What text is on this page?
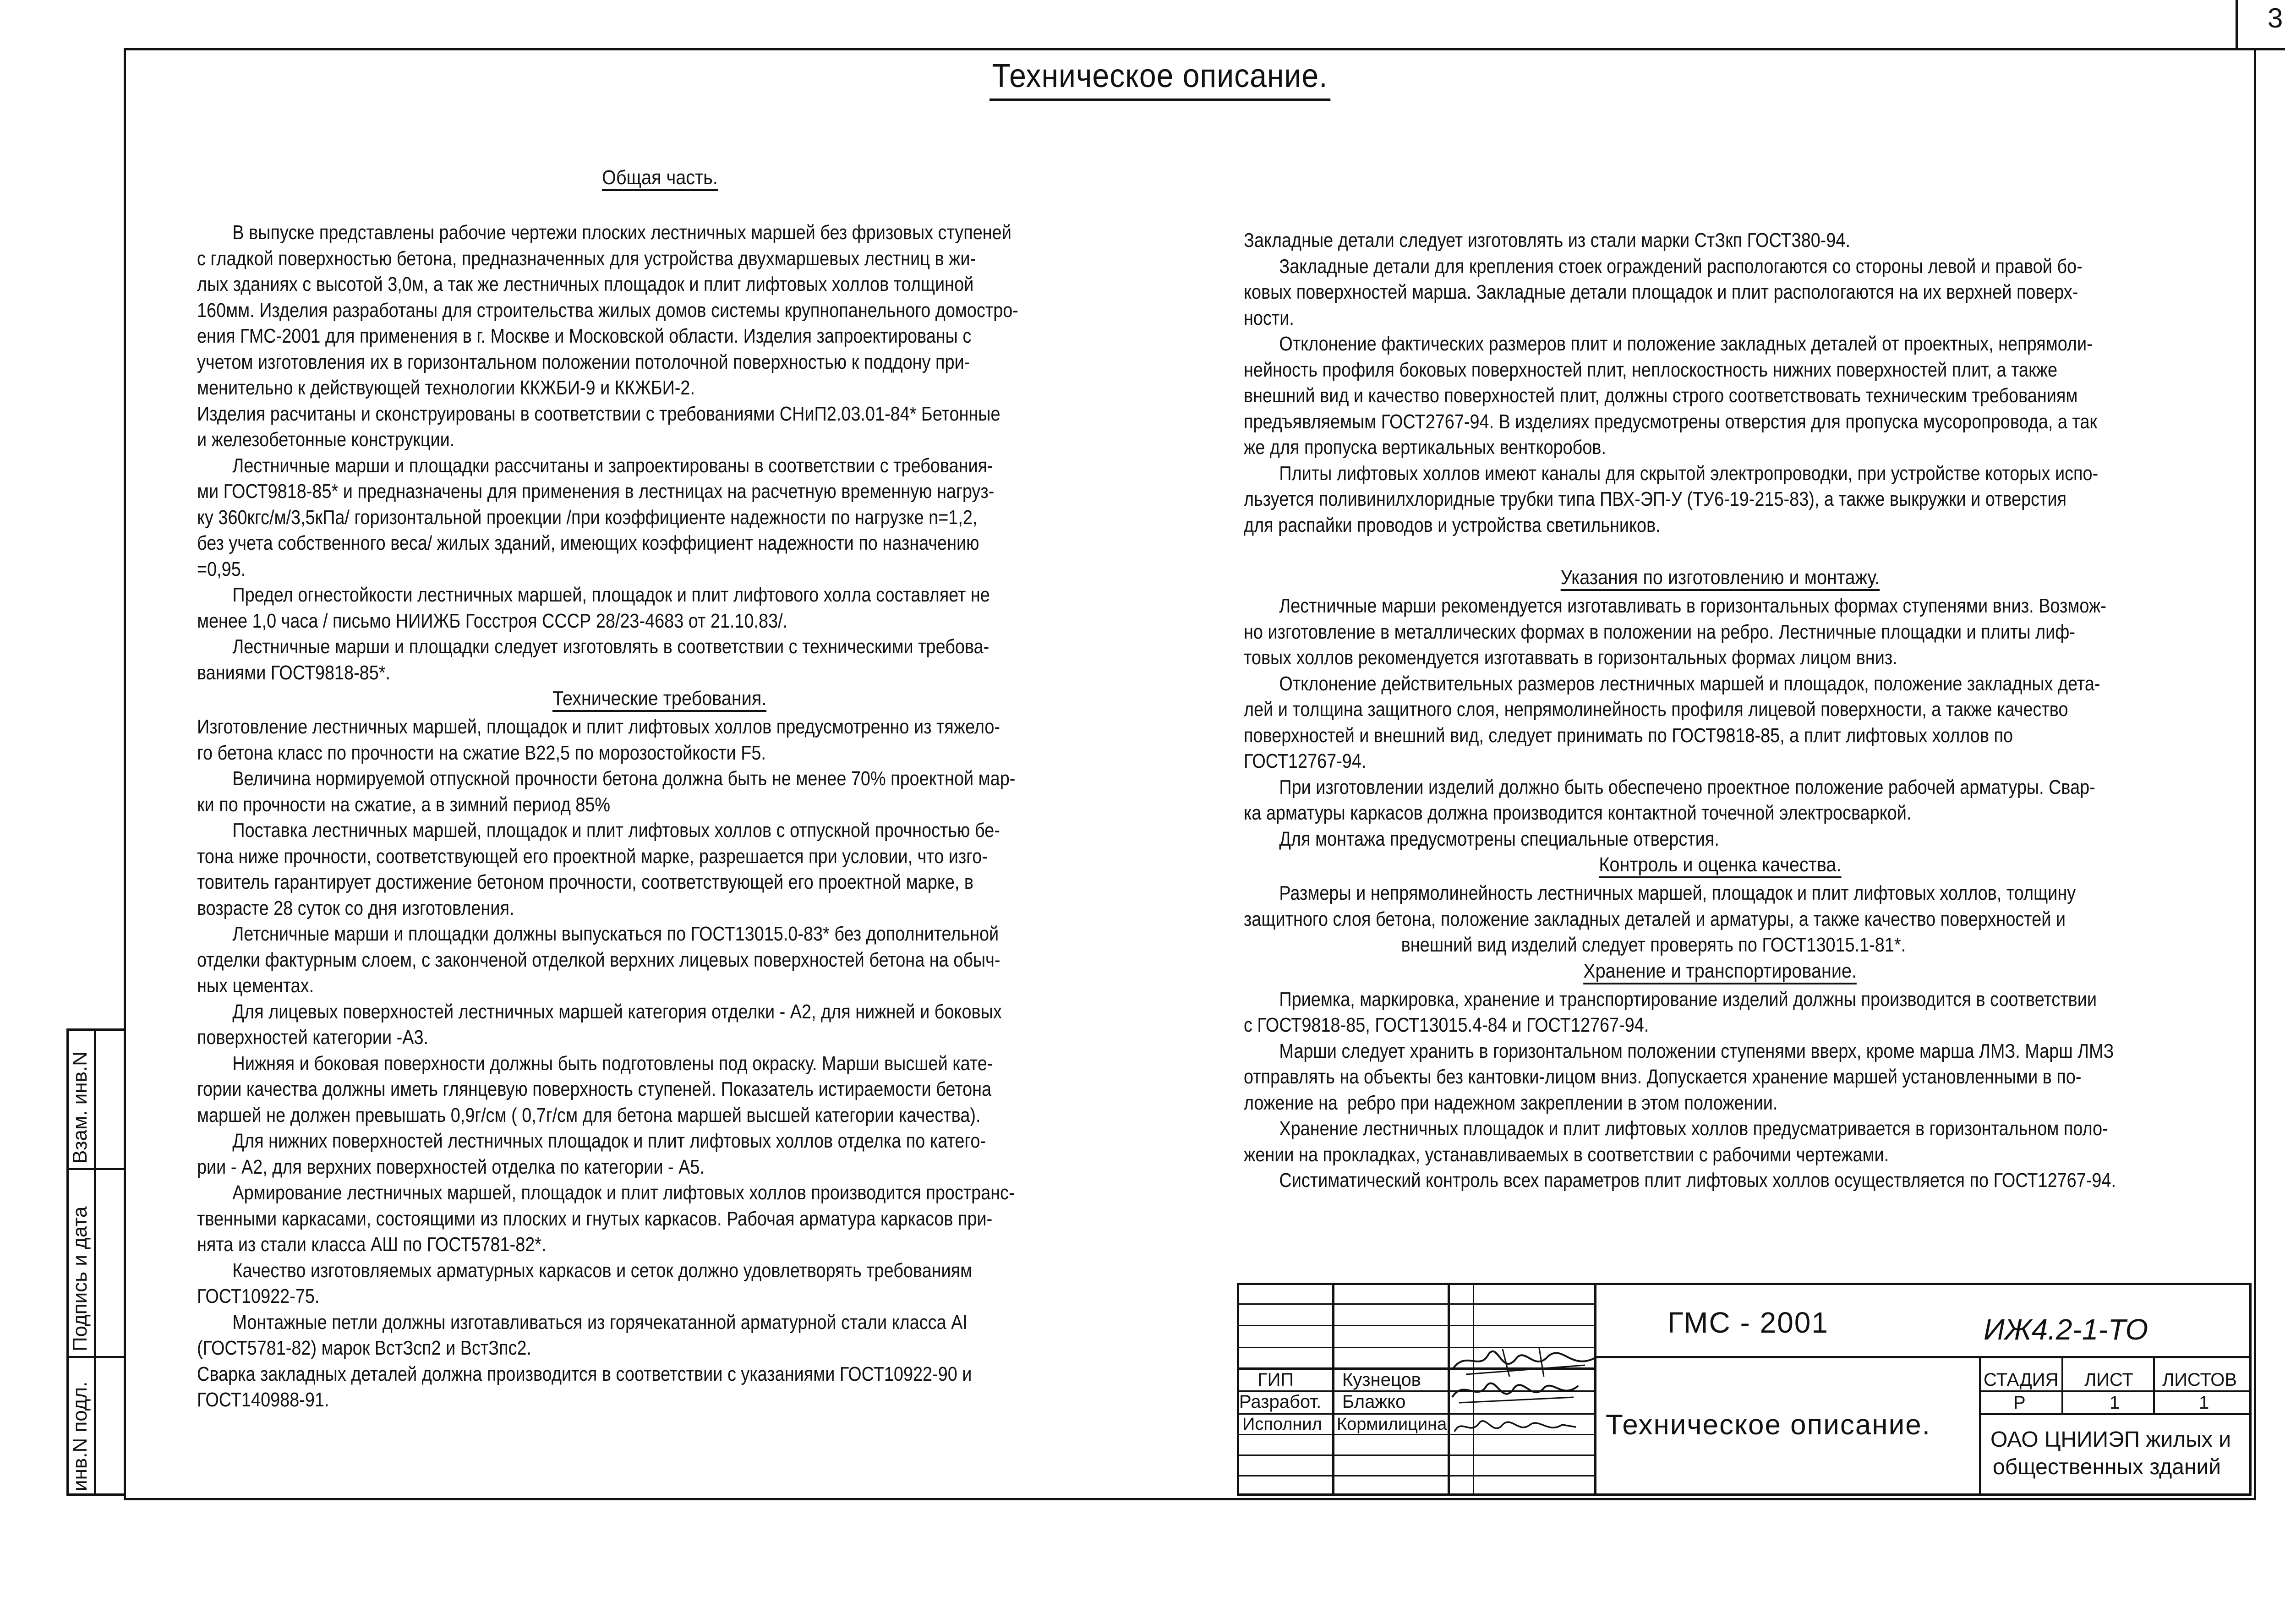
3
Техническое описание.
Общая часть.

В выпуске представлены рабочие чертежи плоских лестничных маршей без фризовых ступеней

с гладкой поверхностью бетона, предназначенных для устройства двухмаршевых лестниц в жи-

лых зданиях с высотой 3,0м, а так же лестничных площадок и плит лифтовых холлов толщиной

160мм. Изделия разработаны для строительства жилых домов системы крупнопанельного домостро-

ения ГМС-2001 для применения в г. Москве и Московской области. Изделия запроектированы с

учетом изготовления их в горизонтальном положении потолочной поверхностью к поддону при-

менительно к действующей технологии ККЖБИ-9 и ККЖБИ-2.

Изделия расчитаны и сконструированы в соответствии с требованиями СНиП2.03.01-84* Бетонные

и железобетонные конструкции.

Лестничные марши и площадки рассчитаны и запроектированы в соответствии с требования-

ми ГОСТ9818-85* и предназначены для применения в лестницах на расчетную временную нагруз-

ку 360кгс/м/3,5кПа/ горизонтальной проекции /при коэффициенте надежности по нагрузке n=1,2,

без учета собственного веса/ жилых зданий, имеющих коэффициент надежности по назначению

=0,95.

Предел огнестойкости лестничных маршей, площадок и плит лифтового холла составляет не

менее 1,0 часа / письмо НИИЖБ Госстроя СССР 28/23-4683 от 21.10.83/.

Лестничные марши и площадки следует изготовлять в соответствии с техническими требова-

ваниями ГОСТ9818-85*.

Технические требования.

Изготовление лестничных маршей, площадок и плит лифтовых холлов предусмотренно из тяжело-

го бетона класс по прочности на сжатие В22,5 по морозостойкости F5.

Величина нормируемой отпускной прочности бетона должна быть не менее 70% проектной мар-

ки по прочности на сжатие, а в зимний период 85%

Поставка лестничных маршей, площадок и плит лифтовых холлов с отпускной прочностью бе-

тона ниже прочности, соответствующей его проектной марке, разрешается при условии, что изго-

товитель гарантирует достижение бетоном прочности, соответствующей его проектной марке, в

возрасте 28 суток со дня изготовления.

Летсничные марши и площадки должны выпускаться по ГОСТ13015.0-83* без дополнительной

отделки фактурным слоем, с законченой отделкой верхних лицевых поверхностей бетона на обыч-

ных цементах.

Для лицевых поверхностей лестничных маршей категория отделки - А2, для нижней и боковых

поверхностей категории -А3.

Нижняя и боковая поверхности должны быть подготовлены под окраску. Марши высшей кате-

гории качества должны иметь глянцевую поверхность ступеней. Показатель истираемости бетона

маршей не должен превышать 0,9г/см ( 0,7г/см для бетона маршей высшей категории качества).

Для нижних поверхностей лестничных площадок и плит лифтовых холлов отделка по катего-

рии - А2, для верхних поверхностей отделка по категории - А5.

Армирование лестничных маршей, площадок и плит лифтовых холлов производится пространс-

твенными каркасами, состоящими из плоских и гнутых каркасов. Рабочая арматура каркасов при-

нята из стали класса АШ по ГОСТ5781-82*.

Качество изготовляемых арматурных каркасов и сеток должно удовлетворять требованиям

ГОСТ10922-75.

Монтажные петли должны изготавливаться из горячекатанной арматурной стали класса AI

(ГОСТ5781-82) марок ВстЗсп2 и ВстЗпс2.

Сварка закладных деталей должна производится в соответствии с указаниями ГОСТ10922-90 и

ГОСТ140988-91.

Закладные детали следует изготовлять из стали марки СтЗкп ГОСТ380-94.

Закладные детали для крепления стоек ограждений распологаются со стороны левой и правой бо-

ковых поверхностей марша. Закладные детали площадок и плит распологаются на их верхней поверх-

ности.

Отклонение фактических размеров плит и положение закладных деталей от проектных, непрямоли-

нейность профиля боковых поверхностей плит, неплоскостность нижних поверхностей плит, а также

внешний вид и качество поверхностей плит, должны строго соответствовать техническим требованиям

предъявляемым ГОСТ2767-94. В изделиях предусмотрены отверстия для пропуска мусоропровода, а так

же для пропуска вертикальных венткоробов.

Плиты лифтовых холлов имеют каналы для скрытой электропроводки, при устройстве которых испо-

льзуется поливинилхлоридные трубки типа ПВХ-ЭП-У (ТУ6-19-215-83), а также выкружки и отверстия

для распайки проводов и устройства светильников.

Указания по изготовлению и монтажу.

Лестничные марши рекомендуется изготавливать в горизонтальных формах ступенями вниз. Возмож-

но изготовление в металлических формах в положении на ребро. Лестничные площадки и плиты лиф-

товых холлов рекомендуется изготаввать в горизонтальных формах лицом вниз.

Отклонение действительных размеров лестничных маршей и площадок, положение закладных дета-

лей и толщина защитного слоя, непрямолинейность профиля лицевой поверхности, а также качество

поверхностей и внешний вид, следует принимать по ГОСТ9818-85, а плит лифтовых холлов по

ГОСТ12767-94.

При изготовлении изделий должно быть обеспечено проектное положение рабочей арматуры. Свар-

ка арматуры каркасов должна производится контактной точечной электросваркой.

Для монтажа предусмотрены специальные отверстия.

Контроль и оценка качества.

Размеры и непрямолинейность лестничных маршей, площадок и плит лифтовых холлов, толщину

защитного слоя бетона, положение закладных деталей и арматуры, а также качество поверхностей и

внешний вид изделий следует проверять по ГОСТ13015.1-81*.

Хранение и транспортирование.

Приемка, маркировка, хранение и транспортирование изделий должны производится в соответствии

с ГОСТ9818-85, ГОСТ13015.4-84 и ГОСТ12767-94.

Марши следует хранить в горизонтальном положении ступенями вверх, кроме марша ЛМЗ. Марш ЛМЗ

отправлять на объекты без кантовки-лицом вниз. Допускается хранение маршей установленными в по-

ложение на  ребро при надежном закреплении в этом положении.

Хранение лестничных площадок и плит лифтовых холлов предусматривается в горизонтальном поло-

жении на прокладках, устанавливаемых в соответствии с рабочими чертежами.

Систиматический контроль всех параметров плит лифтовых холлов осуществляется по ГОСТ12767-94.

ГИП	Кузнецов
Разработ. Блажко
Исполнил Кормилицина
ГМС - 2001	ИЖ4.2-1-ТО
Техническое описание.
СТАДИЯ ЛИСТ ЛИСТОВ
Р	1	1
ОАО ЦНИИЭП жилых и
общественных зданий
инв.N подл.
Подпись и дата
Взам. инв.N
